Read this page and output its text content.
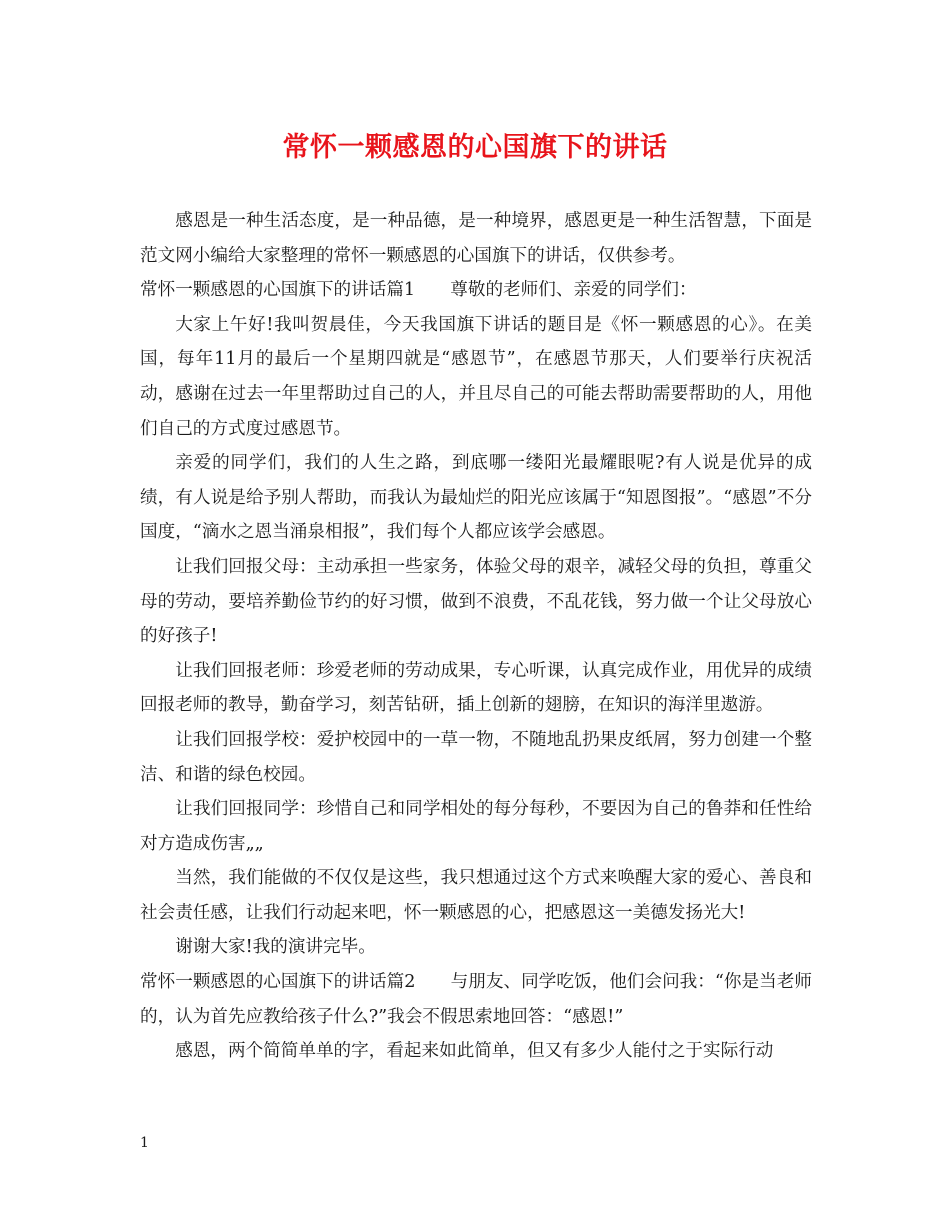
常怀一颗感恩的心国旗下的讲话

感恩是一种生活态度，是一种品德，是一种境界，感恩更是一种生活智慧，下面是范文网小编给大家整理的常怀一颗感恩的心国旗下的讲话，仅供参考。

常怀一颗感恩的心国旗下的讲话篇1　　尊敬的老师们、亲爱的同学们：

大家上午好!我叫贺晨佳，今天我国旗下讲话的题目是《怀一颗感恩的心》。在美国，每年11月的最后一个星期四就是“感恩节”，在感恩节那天，人们要举行庆祝活动，感谢在过去一年里帮助过自己的人，并且尽自己的可能去帮助需要帮助的人，用他们自己的方式度过感恩节。

亲爱的同学们，我们的人生之路，到底哪一缕阳光最耀眼呢?有人说是优异的成绩，有人说是给予别人帮助，而我认为最灿烂的阳光应该属于“知恩图报”。“感恩”不分国度，“滴水之恩当涌泉相报”，我们每个人都应该学会感恩。

让我们回报父母：主动承担一些家务，体验父母的艰辛，减轻父母的负担，尊重父母的劳动，要培养勤俭节约的好习惯，做到不浪费，不乱花钱，努力做一个让父母放心的好孩子!

让我们回报老师：珍爱老师的劳动成果，专心听课，认真完成作业，用优异的成绩回报老师的教导，勤奋学习，刻苦钻研，插上创新的翅膀，在知识的海洋里遨游。

让我们回报学校：爱护校园中的一草一物，不随地乱扔果皮纸屑，努力创建一个整洁、和谐的绿色校园。

让我们回报同学：珍惜自己和同学相处的每分每秒，不要因为自己的鲁莽和任性给对方造成伤害„„

当然，我们能做的不仅仅是这些，我只想通过这个方式来唤醒大家的爱心、善良和社会责任感，让我们行动起来吧，怀一颗感恩的心，把感恩这一美德发扬光大!

谢谢大家!我的演讲完毕。

常怀一颗感恩的心国旗下的讲话篇2　　与朋友、同学吃饭，他们会问我：“你是当老师的，认为首先应教给孩子什么?”我会不假思索地回答：“感恩!”

感恩，两个简简单单的字，看起来如此简单，但又有多少人能付之于实际行动

1
